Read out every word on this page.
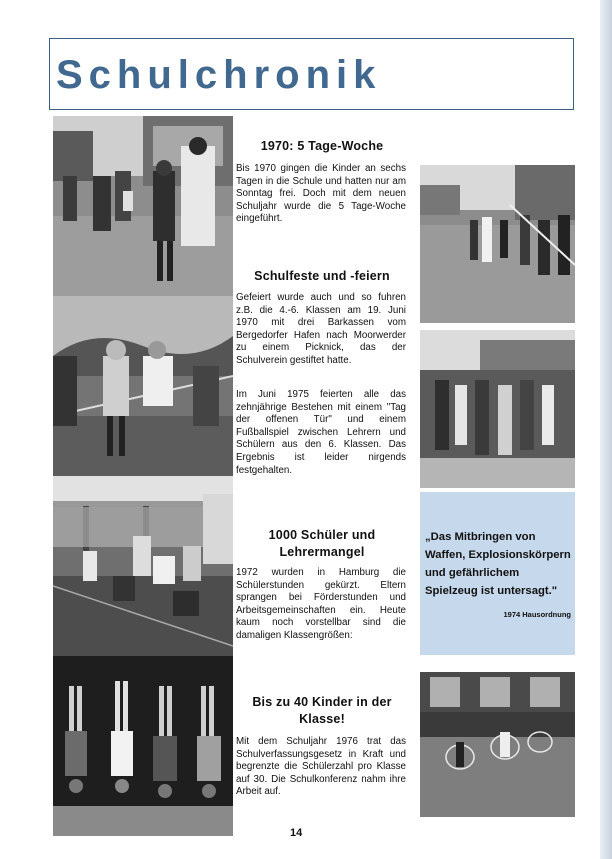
Schulchronik
1970: 5 Tage-Woche

Bis 1970 gingen die Kinder an sechs Tagen in die Schule und hatten nur am Sonntag frei. Doch mit dem neuen Schuljahr wurde die 5 Tage-Woche eingeführt.

Schulfeste und -feiern

Gefeiert wurde auch und so fuhren z.B. die 4.-6. Klassen am 19. Juni 1970 mit drei Barkassen vom Bergedorfer Hafen nach Moorwerder zu einem Picknick, das der Schulverein gestiftet hatte.

Im Juni 1975 feierten alle das zehnjährige Bestehen mit einem "Tag der offenen Tür" und einem Fußballspiel zwischen Lehrern und Schülern aus den 6. Klassen. Das Ergebnis ist leider nirgends festgehalten.

1000 Schüler und Lehrermangel

1972 wurden in Hamburg die Schülerstunden gekürzt. Eltern sprangen bei Förderstunden und Arbeitsgemeinschaften ein. Heute kaum noch vorstellbar sind die damaligen Klassengrößen:

Bis zu 40 Kinder in der Klasse!

Mit dem Schuljahr 1976 trat das Schulverfassungsgesetz in Kraft und begrenzte die Schülerzahl pro Klasse auf 30. Die Schulkonferenz nahm ihre Arbeit auf.

„Das Mitbringen von Waffen, Explosionskörpern und gefährlichem Spielzeug ist untersagt."
1974 Hausordnung
14
